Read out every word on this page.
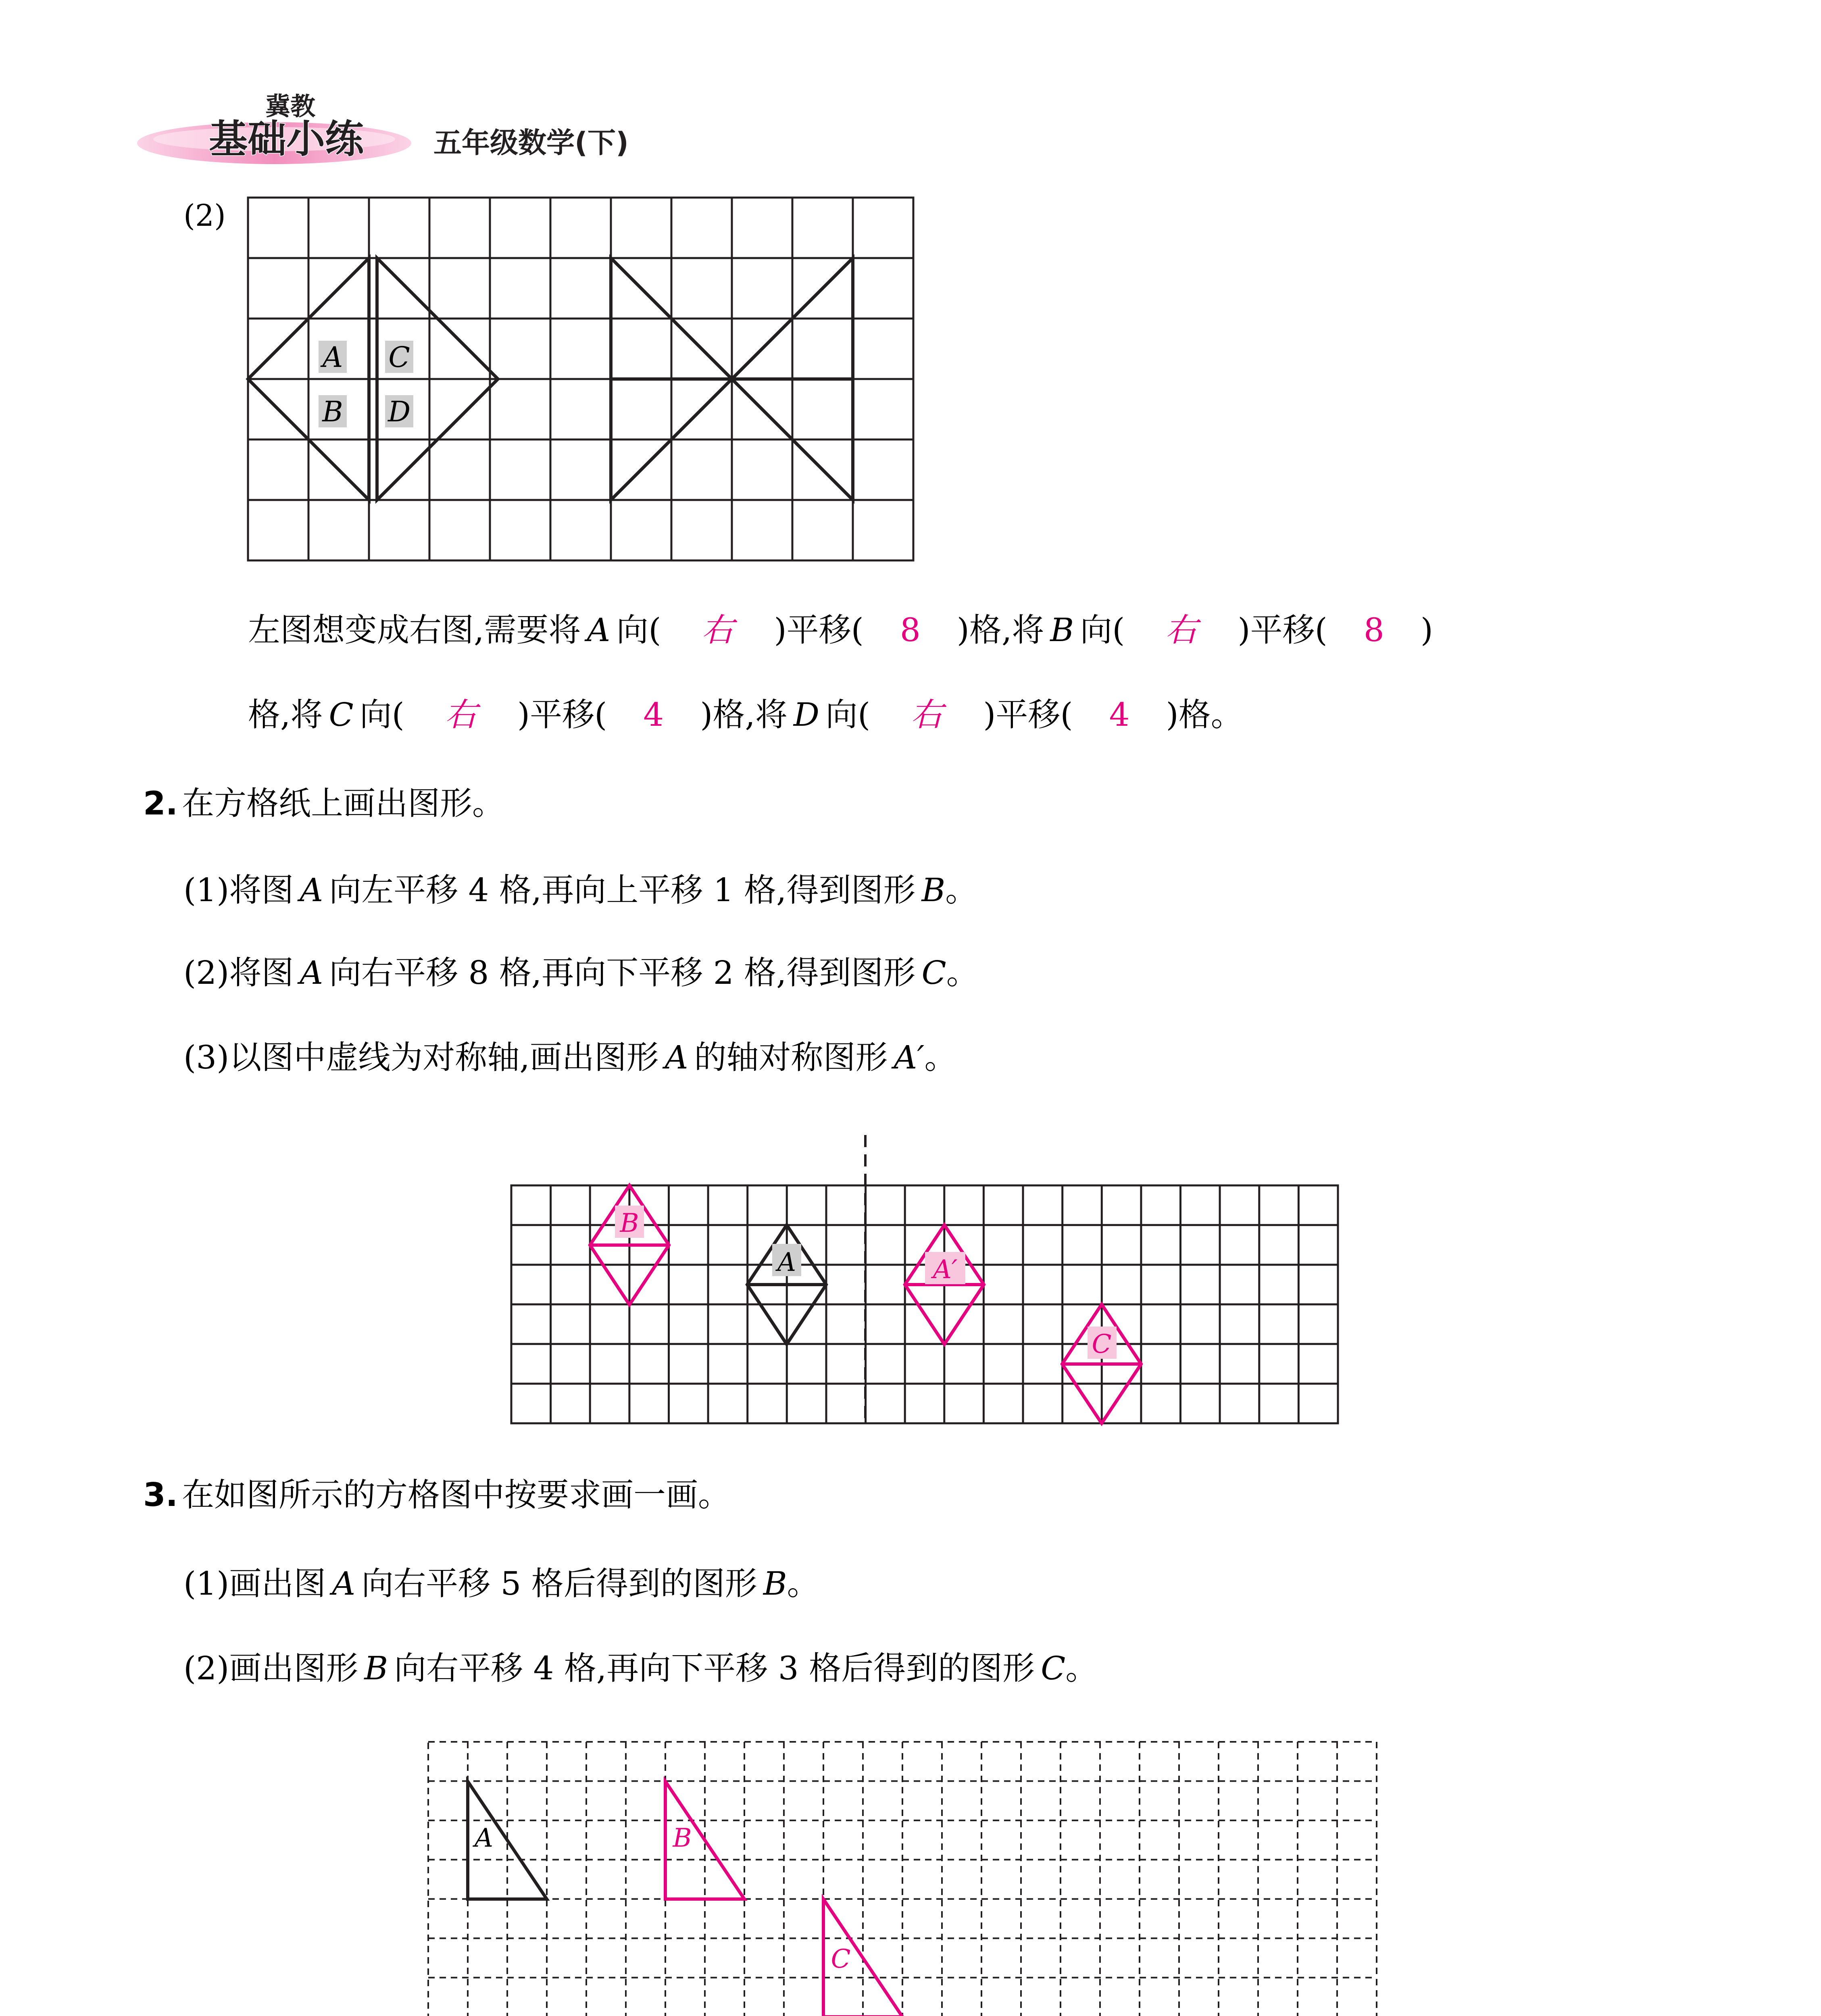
冀教
基础小练 五年级数学(下)
(2)
A
B
C
D
左图想变成右图,需要将 A 向( 右 )平移( 8 )格,将 B 向( 右 )平移( 8 )
格,将 C 向( 右 )平移( 4 )格,将 D 向( 右 )平移( 4 )格。
2. 在方格纸上画出图形。
(1)将图 A 向左平移 4 格,再向上平移 1 格,得到图形 B。
(2)将图 A 向右平移 8 格,再向下平移 2 格,得到图形 C。
(3)以图中虚线为对称轴,画出图形 A 的轴对称图形 A′。
A
B
A′
C
3. 在如图所示的方格图中按要求画一画。
(1)画出图 A 向右平移 5 格后得到的图形 B。
(2)画出图形 B 向右平移 4 格,再向下平移 3 格后得到的图形 C。
A	B
C
